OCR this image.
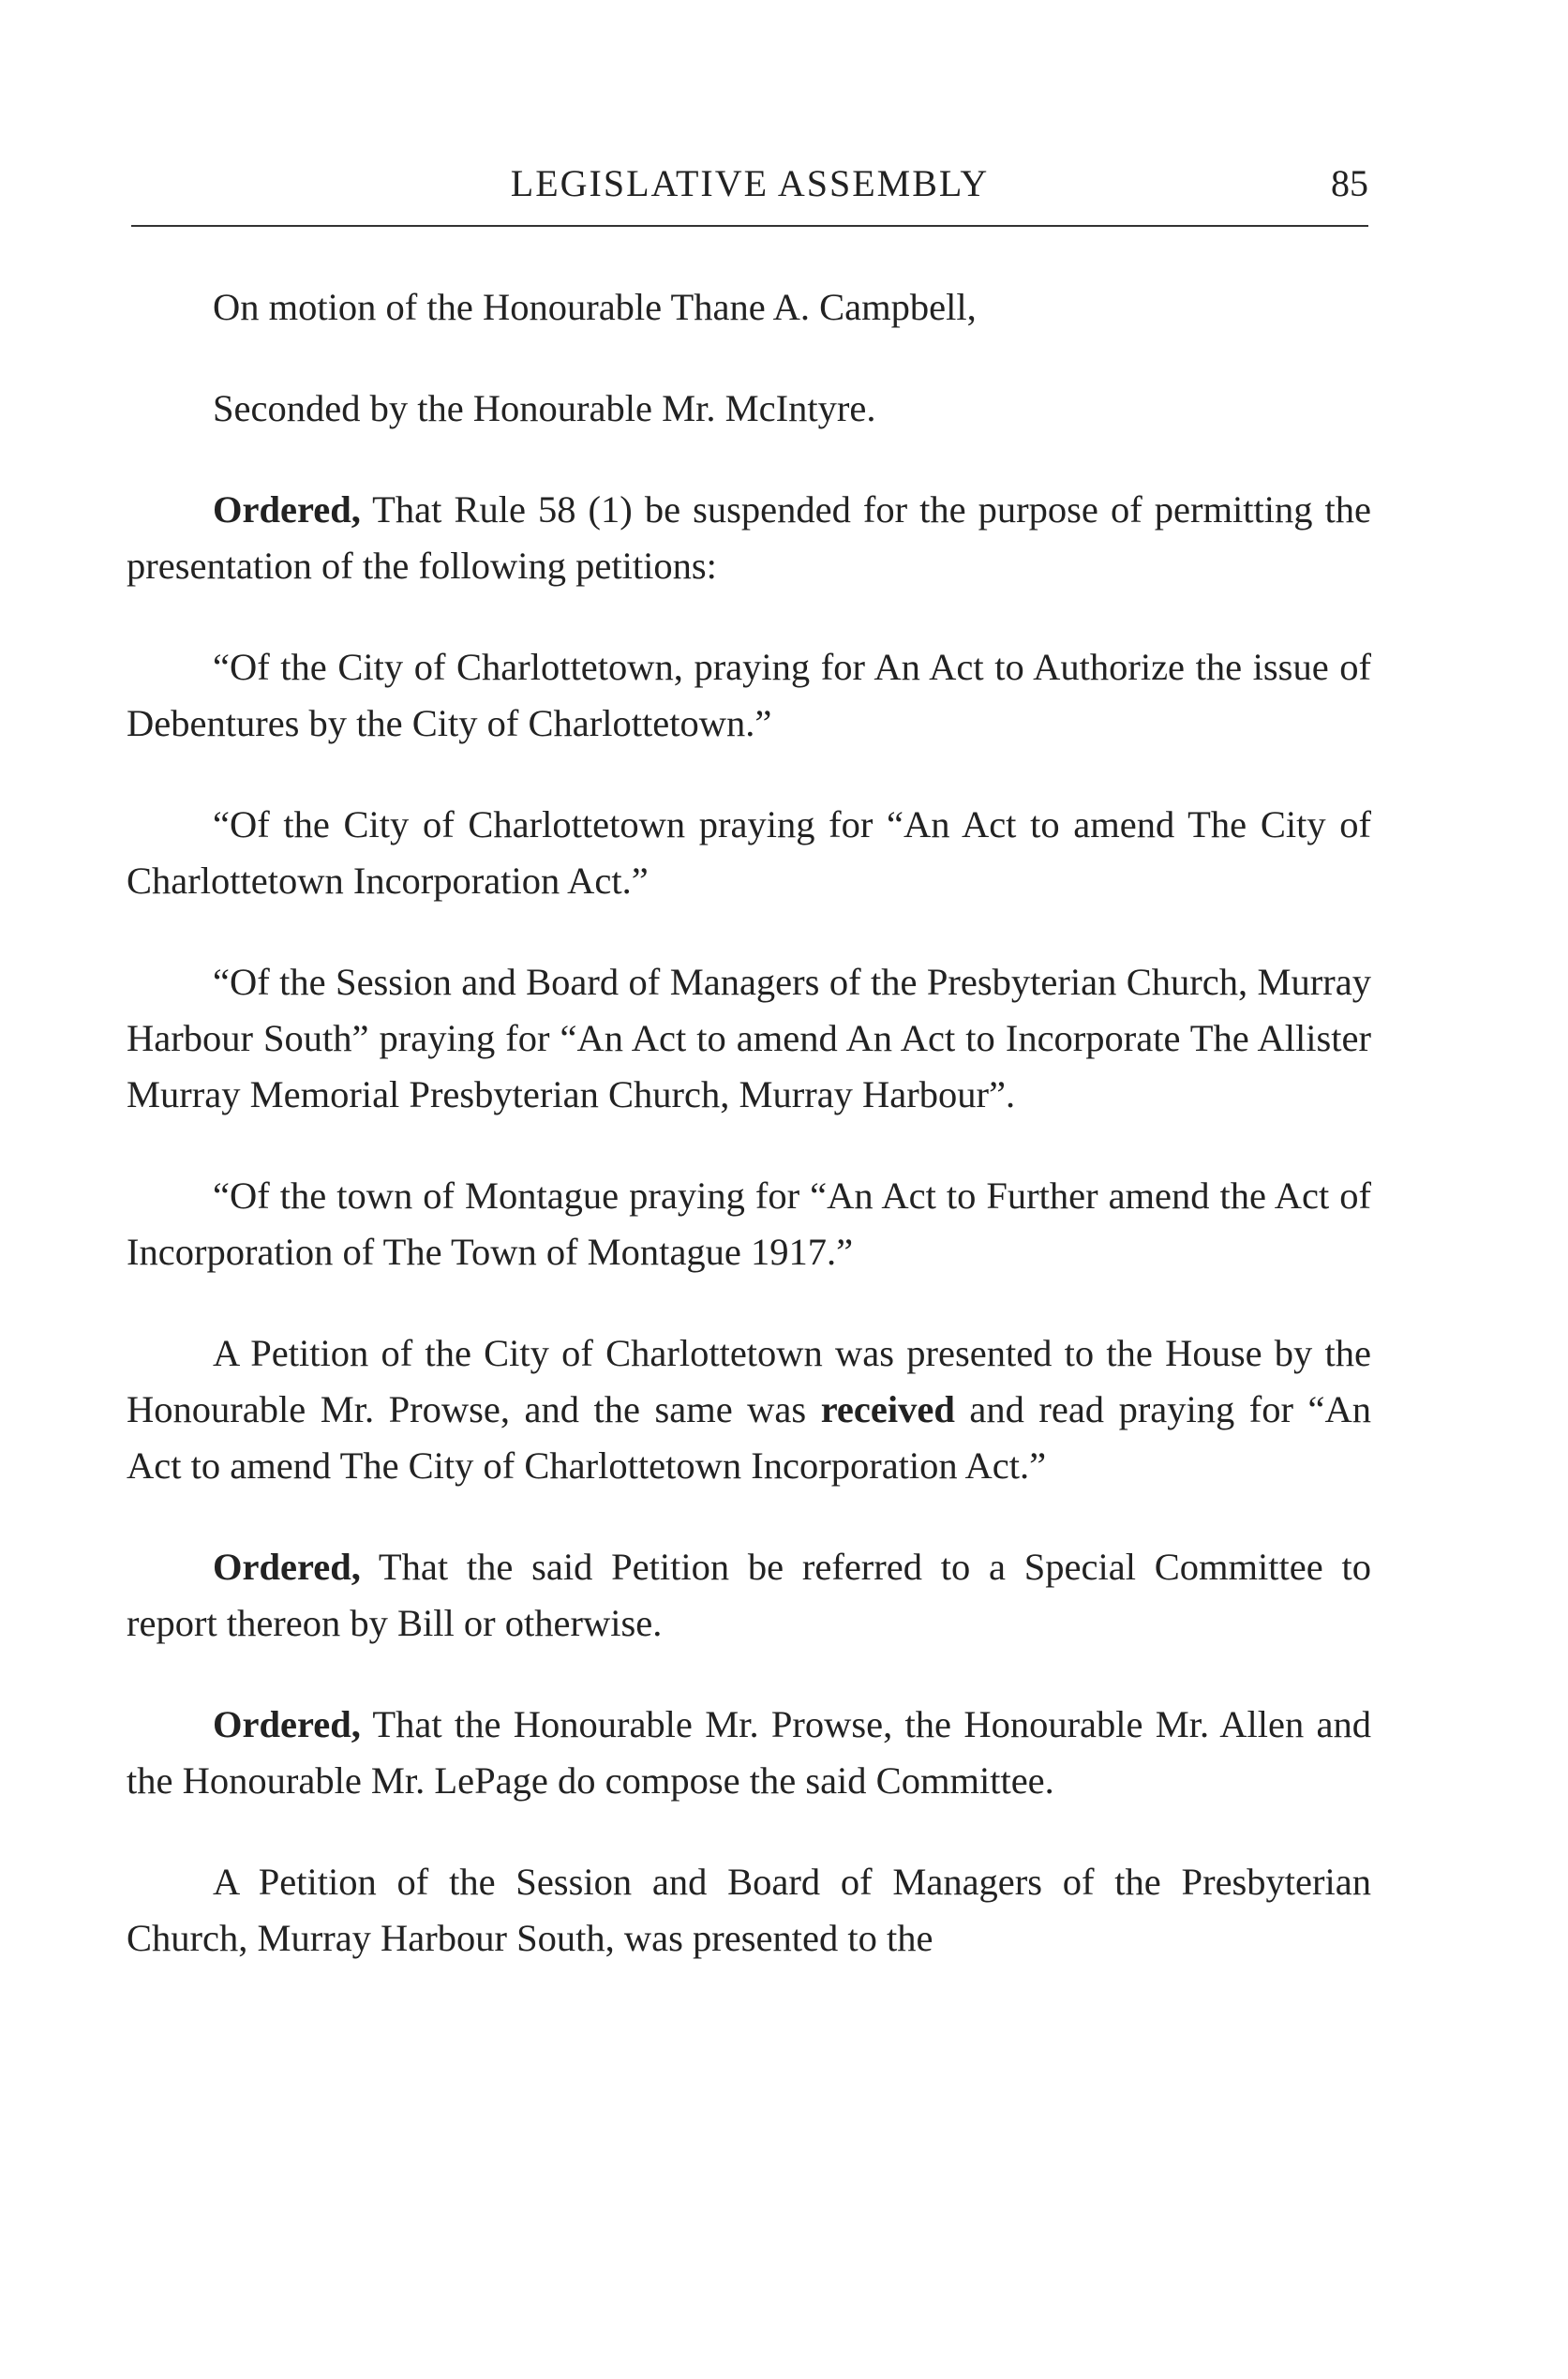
LEGISLATIVE ASSEMBLY	85

On motion of the Honourable Thane A. Campbell,

Seconded by the Honourable Mr. McIntyre.

Ordered, That Rule 58 (1) be suspended for the purpose of permitting the presentation of the following petitions:

“Of the City of Charlottetown, praying for An Act to Authorize the issue of Debentures by the City of Charlottetown.”

“Of the City of Charlottetown praying for “An Act to amend The City of Charlottetown Incorporation Act.”

“Of the Session and Board of Managers of the Presbyterian Church, Murray Harbour South” praying for “An Act to amend An Act to Incorporate The Allister Murray Memorial Presbyterian Church, Murray Harbour”.

“Of the town of Montague praying for “An Act to Further amend the Act of Incorporation of The Town of Montague 1917.”

A Petition of the City of Charlottetown was presented to the House by the Honourable Mr. Prowse, and the same was received and read praying for “An Act to amend The City of Charlottetown Incorporation Act.”

Ordered, That the said Petition be referred to a Special Committee to report thereon by Bill or otherwise.

Ordered, That the Honourable Mr. Prowse, the Honourable Mr. Allen and the Honourable Mr. LePage do compose the said Committee.

A Petition of the Session and Board of Managers of the Presbyterian Church, Murray Harbour South, was presented to the
